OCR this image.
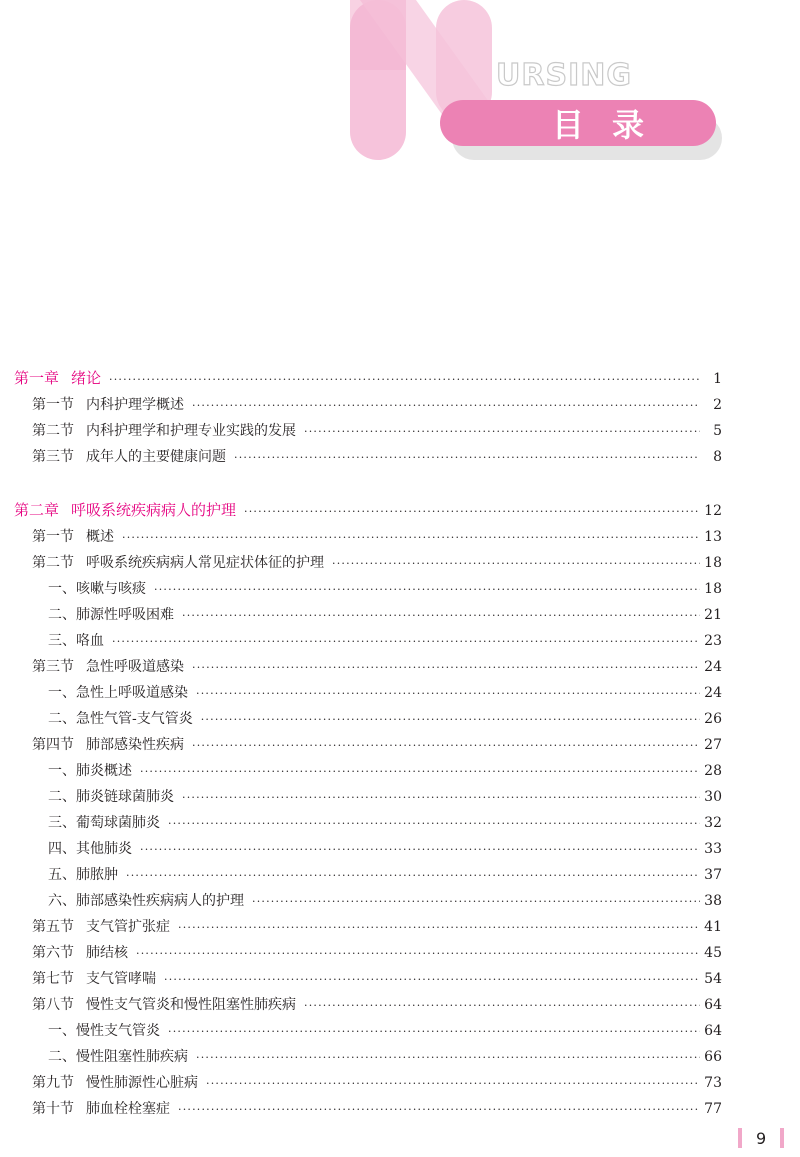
URSING
目录
第一章 绪论 ·····	1
第一节 内科护理学概述 ·····	2
第二节 内科护理学和护理专业实践的发展 ·····	5
第三节 成年人的主要健康问题 ·····	8
第二章 呼吸系统疾病病人的护理 ·····	12
第一节 概述 ·····	13
第二节 呼吸系统疾病病人常见症状体征的护理 ·····	18
一、咳嗽与咳痰 ·····	18
二、肺源性呼吸困难 ·····	21
三、咯血 ·····	23
第三节 急性呼吸道感染 ·····	24
一、急性上呼吸道感染 ·····	24
二、急性气管-支气管炎 ·····	26
第四节 肺部感染性疾病 ·····	27
一、肺炎概述 ·····	28
二、肺炎链球菌肺炎 ·····	30
三、葡萄球菌肺炎 ·····	32
四、其他肺炎 ·····	33
五、肺脓肿 ·····	37
六、肺部感染性疾病病人的护理 ·····	38
第五节 支气管扩张症 ·····	41
第六节 肺结核 ·····	45
第七节 支气管哮喘 ·····	54
第八节 慢性支气管炎和慢性阻塞性肺疾病 ·····	64
一、慢性支气管炎 ·····	64
二、慢性阻塞性肺疾病 ·····	66
第九节 慢性肺源性心脏病 ·····	73
第十节 肺血栓栓塞症 ·····	77
9
